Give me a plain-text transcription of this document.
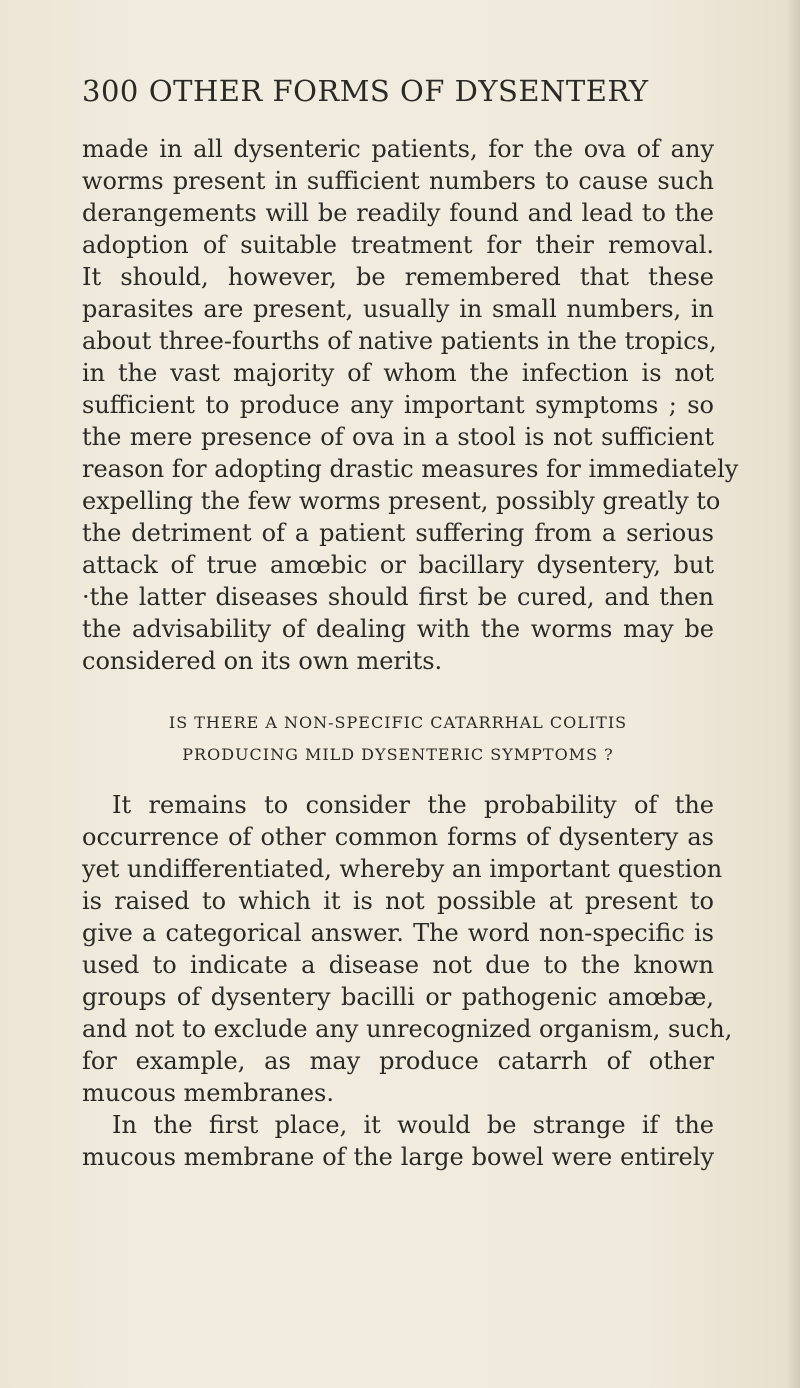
300 OTHER FORMS OF DYSENTERY
made in all dysenteric patients, for the ova of any
worms present in sufficient numbers to cause such
derangements will be readily found and lead to the
adoption of suitable treatment for their removal.
It should, however, be remembered that these
parasites are present, usually in small numbers, in
about three-fourths of native patients in the tropics,
in the vast majority of whom the infection is not
sufficient to produce any important symptoms ; so
the mere presence of ova in a stool is not sufficient
reason for adopting drastic measures for immediately
expelling the few worms present, possibly greatly to
the detriment of a patient suffering from a serious
attack of true amœbic or bacillary dysentery, but
·the latter diseases should first be cured, and then
the advisability of dealing with the worms may be
considered on its own merits.
IS THERE A NON-SPECIFIC CATARRHAL COLITIS
PRODUCING MILD DYSENTERIC SYMPTOMS ?
It remains to consider the probability of the
occurrence of other common forms of dysentery as
yet undifferentiated, whereby an important question
is raised to which it is not possible at present to
give a categorical answer. The word non-specific is
used to indicate a disease not due to the known
groups of dysentery bacilli or pathogenic amœbæ,
and not to exclude any unrecognized organism, such,
for example, as may produce catarrh of other
mucous membranes.
In the first place, it would be strange if the
mucous membrane of the large bowel were entirely
